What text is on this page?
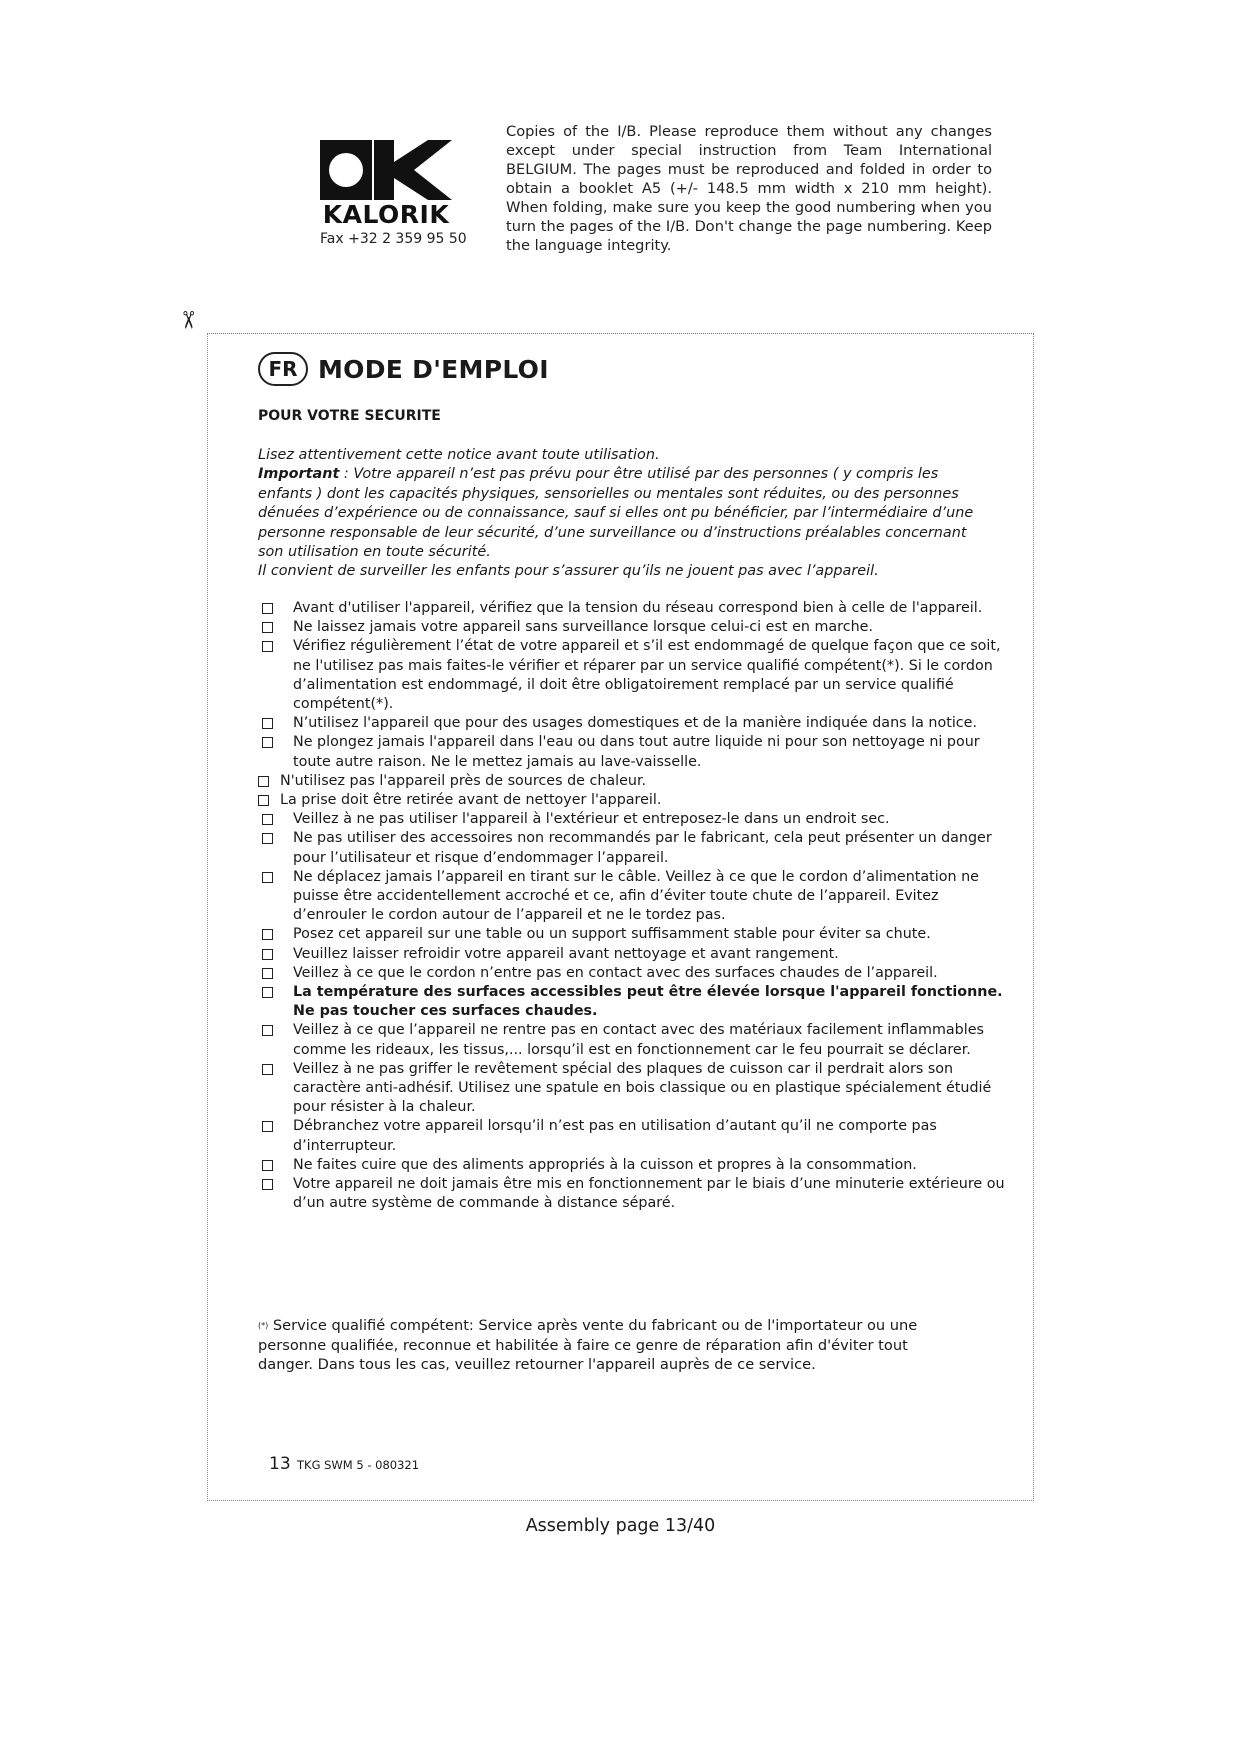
KALORIK
Fax +32 2 359 95 50
Copies of the I/B. Please reproduce them without any changes except under special instruction from Team International BELGIUM. The pages must be reproduced and folded in order to obtain a booklet A5 (+/- 148.5 mm width x 210 mm height). When folding, make sure you keep the good numbering when you turn the pages of the I/B. Don't change the page numbering. Keep the language integrity.
✂
FR MODE D'EMPLOI
POUR VOTRE SECURITE
Lisez attentivement cette notice avant toute utilisation.
Important : Votre appareil n’est pas prévu pour être utilisé par des personnes ( y compris les enfants ) dont les capacités physiques, sensorielles ou mentales sont réduites, ou des personnes dénuées d’expérience ou de connaissance, sauf si elles ont pu bénéficier, par l’intermédiaire d’une personne responsable de leur sécurité, d’une surveillance ou d’instructions préalables concernant son utilisation en toute sécurité.
Il convient de surveiller les enfants pour s’assurer qu’ils ne jouent pas avec l’appareil.
Avant d'utiliser l'appareil, vérifiez que la tension du réseau correspond bien à celle de l'appareil.
Ne laissez jamais votre appareil sans surveillance lorsque celui-ci est en marche.
Vérifiez régulièrement l’état de votre appareil et s’il est endommagé de quelque façon que ce soit, ne l'utilisez pas mais faites-le vérifier et réparer par un service qualifié compétent(*). Si le cordon d’alimentation est endommagé, il doit être obligatoirement remplacé par un service qualifié compétent(*).
N’utilisez l'appareil que pour des usages domestiques et de la manière indiquée dans la notice.
Ne plongez jamais l'appareil dans l'eau ou dans tout autre liquide ni pour son nettoyage ni pour toute autre raison. Ne le mettez jamais au lave-vaisselle.
N'utilisez pas l'appareil près de sources de chaleur.
La prise doit être retirée avant de nettoyer l'appareil.
Veillez à ne pas utiliser l'appareil à l'extérieur et entreposez-le dans un endroit sec.
Ne pas utiliser des accessoires non recommandés par le fabricant, cela peut présenter un danger pour l’utilisateur et risque d’endommager l’appareil.
Ne déplacez jamais l’appareil en tirant sur le câble. Veillez à ce que le cordon d’alimentation ne puisse être accidentellement accroché et ce, afin d’éviter toute chute de l’appareil. Evitez d’enrouler le cordon autour de l’appareil et ne le tordez pas.
Posez cet appareil sur une table ou un support suffisamment stable pour éviter sa chute.
Veuillez laisser refroidir votre appareil avant nettoyage et avant rangement.
Veillez à ce que le cordon n’entre pas en contact avec des surfaces chaudes de l’appareil.
La température des surfaces accessibles peut être élevée lorsque l'appareil fonctionne. Ne pas toucher ces surfaces chaudes.
Veillez à ce que l’appareil ne rentre pas en contact avec des matériaux facilement inflammables comme les rideaux, les tissus,... lorsqu’il est en fonctionnement car le feu pourrait se déclarer.
Veillez à ne pas griffer le revêtement spécial des plaques de cuisson car il perdrait alors son caractère anti-adhésif. Utilisez une spatule en bois classique ou en plastique spécialement étudié pour résister à la chaleur.
Débranchez votre appareil lorsqu’il n’est pas en utilisation d’autant qu’il ne comporte pas d’interrupteur.
Ne faites cuire que des aliments appropriés à la cuisson et propres à la consommation.
Votre appareil ne doit jamais être mis en fonctionnement par le biais d’une minuterie extérieure ou d’un autre système de commande à distance séparé.
(*) Service qualifié compétent: Service après vente du fabricant ou de l'importateur ou une personne qualifiée, reconnue et habilitée à faire ce genre de réparation afin d'éviter tout danger. Dans tous les cas, veuillez retourner l'appareil auprès de ce service.
13 TKG SWM 5 - 080321
Assembly page 13/40
